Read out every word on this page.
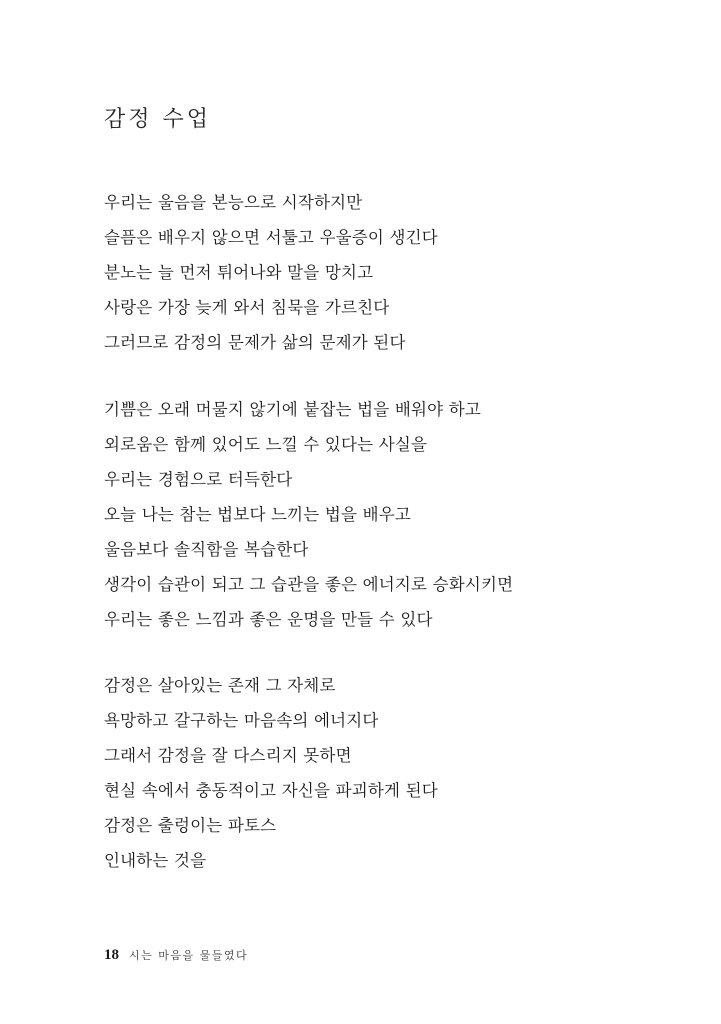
감정 수업
우리는 울음을 본능으로 시작하지만
슬픔은 배우지 않으면 서툴고 우울증이 생긴다
분노는 늘 먼저 튀어나와 말을 망치고
사랑은 가장 늦게 와서 침묵을 가르친다
그러므로 감정의 문제가 삶의 문제가 된다
기쁨은 오래 머물지 않기에 붙잡는 법을 배워야 하고
외로움은 함께 있어도 느낄 수 있다는 사실을
우리는 경험으로 터득한다
오늘 나는 참는 법보다 느끼는 법을 배우고
울음보다 솔직함을 복습한다
생각이 습관이 되고 그 습관을 좋은 에너지로 승화시키면
우리는 좋은 느낌과 좋은 운명을 만들 수 있다
감정은 살아있는 존재 그 자체로
욕망하고 갈구하는 마음속의 에너지다
그래서 감정을 잘 다스리지 못하면
현실 속에서 충동적이고 자신을 파괴하게 된다
감정은 출렁이는 파토스
인내하는 것을
18 시는 마음을 물들였다
